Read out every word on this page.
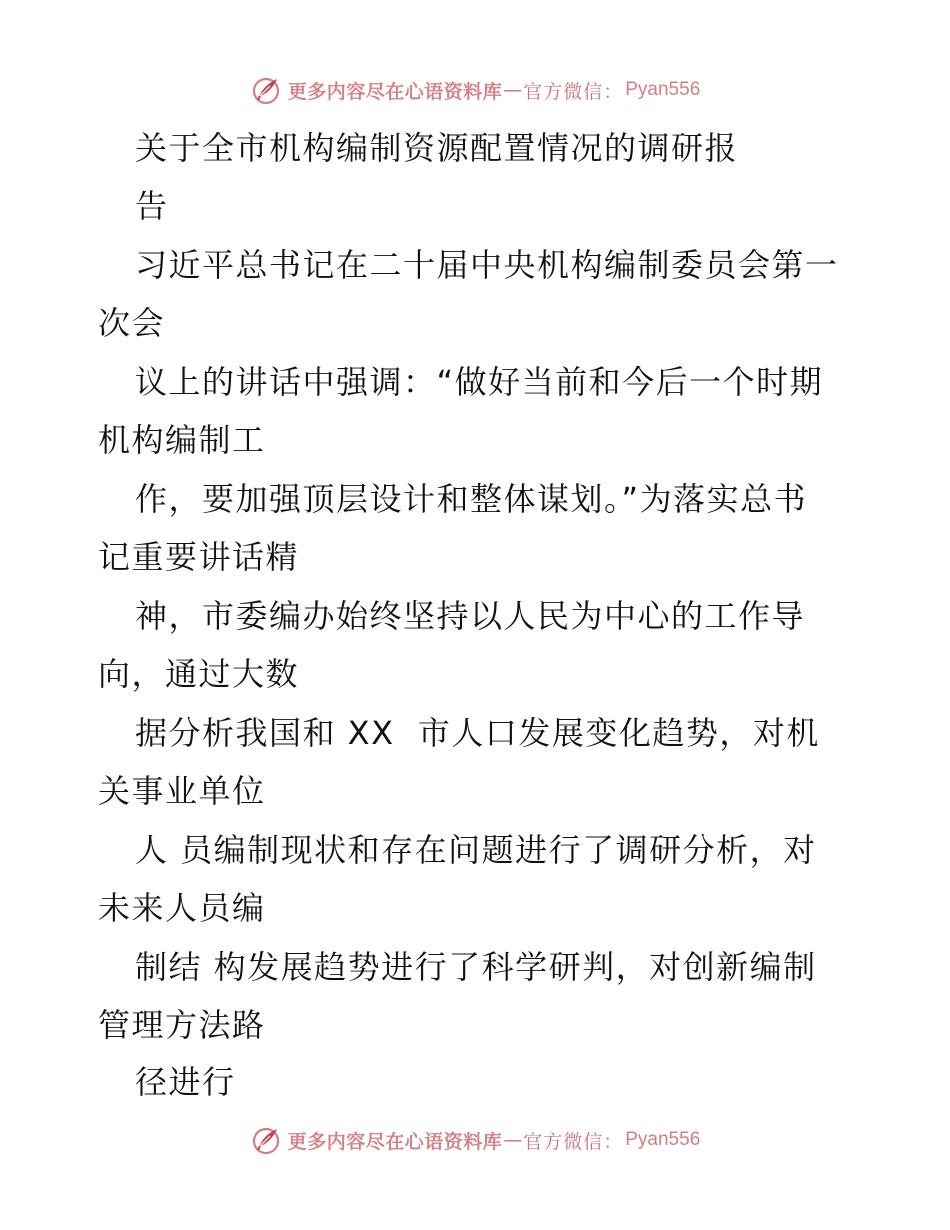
更多内容尽在心语资料库 — 官方微信： Pyan556
关于全市机构编制资源配置情况的调研报
告
习近平总书记在二十届中央机构编制委员会第一
次会
议上的讲话中强调：“做好当前和今后一个时期
机构编制工
作，要加强顶层设计和整体谋划。”为落实总书
记重要讲话精
神，市委编办始终坚持以人民为中心的工作导
向，通过大数
据分析我国和 XX  市人口发展变化趋势，对机
关事业单位
人 员编制现状和存在问题进行了调研分析，对
未来人员编
制结 构发展趋势进行了科学研判，对创新编制
管理方法路
径进行
更多内容尽在心语资料库 — 官方微信： Pyan556
